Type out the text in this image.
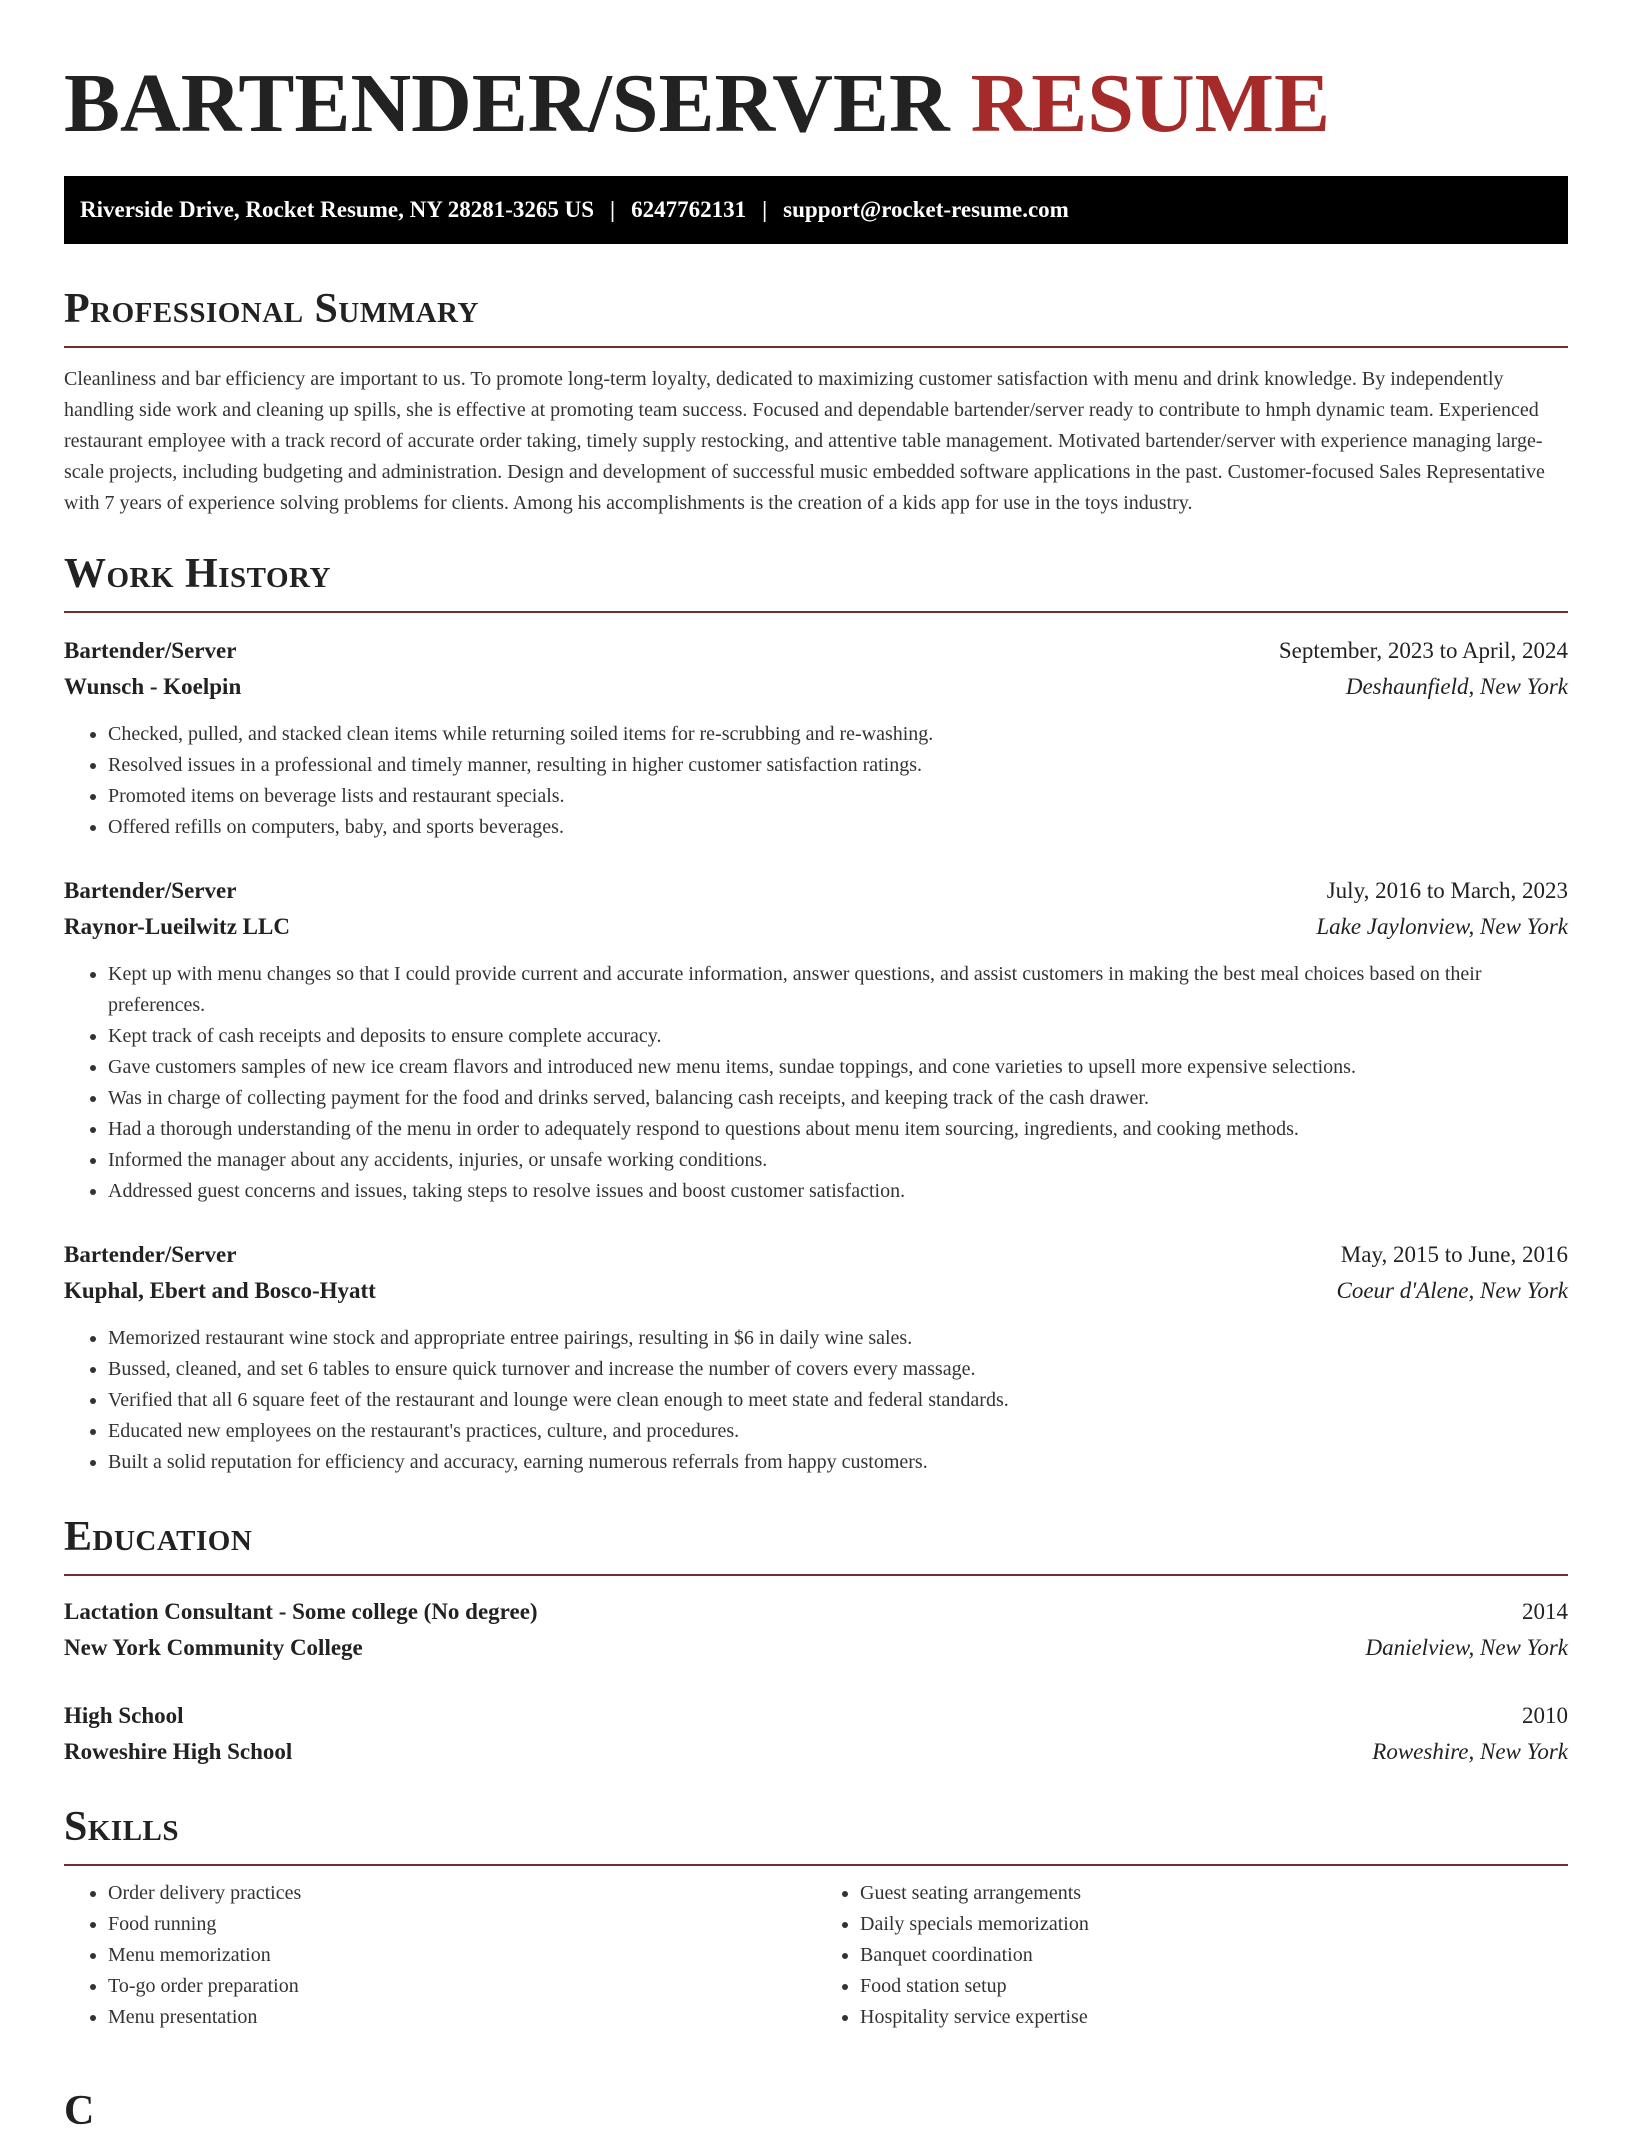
BARTENDER/SERVER RESUME
Riverside Drive, Rocket Resume, NY 28281-3265 US | 6247762131 | support@rocket-resume.com
Professional Summary

Cleanliness and bar efficiency are important to us. To promote long-term loyalty, dedicated to maximizing customer satisfaction with menu and drink knowledge. By independently handling side work and cleaning up spills, she is effective at promoting team success. Focused and dependable bartender/server ready to contribute to hmph dynamic team. Experienced restaurant employee with a track record of accurate order taking, timely supply restocking, and attentive table management. Motivated bartender/server with experience managing large-scale projects, including budgeting and administration. Design and development of successful music embedded software applications in the past. Customer-focused Sales Representative with 7 years of experience solving problems for clients. Among his accomplishments is the creation of a kids app for use in the toys industry.

Work History
Bartender/Server	September, 2023 to April, 2024
Wunsch - Koelpin	Deshaunfield, New York
• Checked, pulled, and stacked clean items while returning soiled items for re-scrubbing and re-washing.
• Resolved issues in a professional and timely manner, resulting in higher customer satisfaction ratings.
• Promoted items on beverage lists and restaurant specials.
• Offered refills on computers, baby, and sports beverages.
Bartender/Server	July, 2016 to March, 2023
Raynor-Lueilwitz LLC	Lake Jaylonview, New York
• Kept up with menu changes so that I could provide current and accurate information, answer questions, and assist customers in making the best meal choices based on their preferences.
• Kept track of cash receipts and deposits to ensure complete accuracy.
• Gave customers samples of new ice cream flavors and introduced new menu items, sundae toppings, and cone varieties to upsell more expensive selections.
• Was in charge of collecting payment for the food and drinks served, balancing cash receipts, and keeping track of the cash drawer.
• Had a thorough understanding of the menu in order to adequately respond to questions about menu item sourcing, ingredients, and cooking methods.
• Informed the manager about any accidents, injuries, or unsafe working conditions.
• Addressed guest concerns and issues, taking steps to resolve issues and boost customer satisfaction.
Bartender/Server	May, 2015 to June, 2016
Kuphal, Ebert and Bosco-Hyatt	Coeur d'Alene, New York
• Memorized restaurant wine stock and appropriate entree pairings, resulting in $6 in daily wine sales.
• Bussed, cleaned, and set 6 tables to ensure quick turnover and increase the number of covers every massage.
• Verified that all 6 square feet of the restaurant and lounge were clean enough to meet state and federal standards.
• Educated new employees on the restaurant's practices, culture, and procedures.
• Built a solid reputation for efficiency and accuracy, earning numerous referrals from happy customers.
Education
Lactation Consultant - Some college (No degree)	2014
New York Community College	Danielview, New York
High School	2010
Roweshire High School	Roweshire, New York
Skills
• Order delivery practices
• Food running
• Menu memorization
• To-go order preparation
• Menu presentation
• Guest seating arrangements
• Daily specials memorization
• Banquet coordination
• Food station setup
• Hospitality service expertise
C
